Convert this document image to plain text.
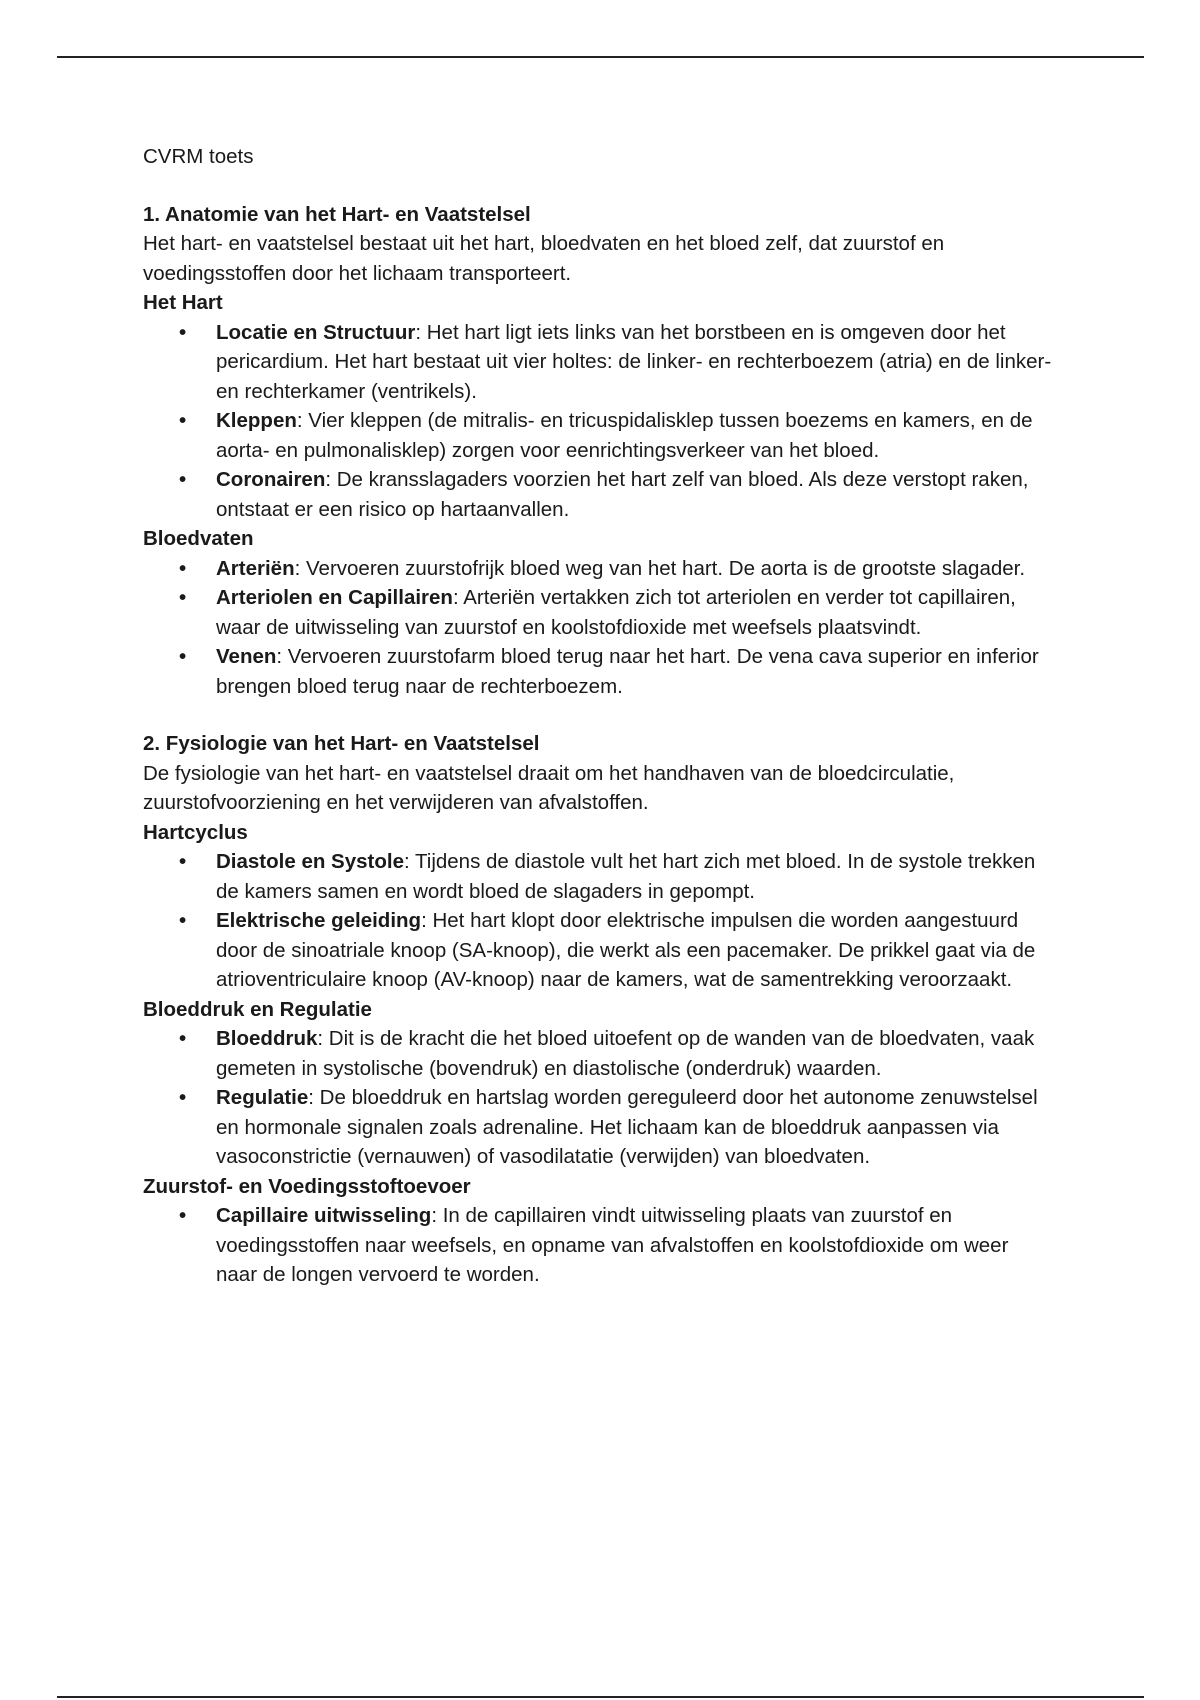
CVRM toets

1. Anatomie van het Hart- en Vaatstelsel

Het hart- en vaatstelsel bestaat uit het hart, bloedvaten en het bloed zelf, dat zuurstof en voedingsstoffen door het lichaam transporteert.

Het Hart
• Locatie en Structuur: Het hart ligt iets links van het borstbeen en is omgeven door het pericardium. Het hart bestaat uit vier holtes: de linker- en rechterboezem (atria) en de linker- en rechterkamer (ventrikels).
• Kleppen: Vier kleppen (de mitralis- en tricuspidalisklep tussen boezems en kamers, en de aorta- en pulmonalisklep) zorgen voor eenrichtingsverkeer van het bloed.
• Coronairen: De kransslagaders voorzien het hart zelf van bloed. Als deze verstopt raken, ontstaat er een risico op hartaanvallen.
Bloedvaten
• Arteriën: Vervoeren zuurstofrijk bloed weg van het hart. De aorta is de grootste slagader.
• Arteriolen en Capillairen: Arteriën vertakken zich tot arteriolen en verder tot capillairen, waar de uitwisseling van zuurstof en koolstofdioxide met weefsels plaatsvindt.
• Venen: Vervoeren zuurstofarm bloed terug naar het hart. De vena cava superior en inferior brengen bloed terug naar de rechterboezem.
2. Fysiologie van het Hart- en Vaatstelsel

De fysiologie van het hart- en vaatstelsel draait om het handhaven van de bloedcirculatie, zuurstofvoorziening en het verwijderen van afvalstoffen.

Hartcyclus
• Diastole en Systole: Tijdens de diastole vult het hart zich met bloed. In de systole trekken de kamers samen en wordt bloed de slagaders in gepompt.
• Elektrische geleiding: Het hart klopt door elektrische impulsen die worden aangestuurd door de sinoatriale knoop (SA-knoop), die werkt als een pacemaker. De prikkel gaat via de atrioventriculaire knoop (AV-knoop) naar de kamers, wat de samentrekking veroorzaakt.
Bloeddruk en Regulatie
• Bloeddruk: Dit is de kracht die het bloed uitoefent op de wanden van de bloedvaten, vaak gemeten in systolische (bovendruk) en diastolische (onderdruk) waarden.
• Regulatie: De bloeddruk en hartslag worden gereguleerd door het autonome zenuwstelsel en hormonale signalen zoals adrenaline. Het lichaam kan de bloeddruk aanpassen via vasoconstrictie (vernauwen) of vasodilatatie (verwijden) van bloedvaten.
Zuurstof- en Voedingsstoftoevoer
• Capillaire uitwisseling: In de capillairen vindt uitwisseling plaats van zuurstof en voedingsstoffen naar weefsels, en opname van afvalstoffen en koolstofdioxide om weer naar de longen vervoerd te worden.
